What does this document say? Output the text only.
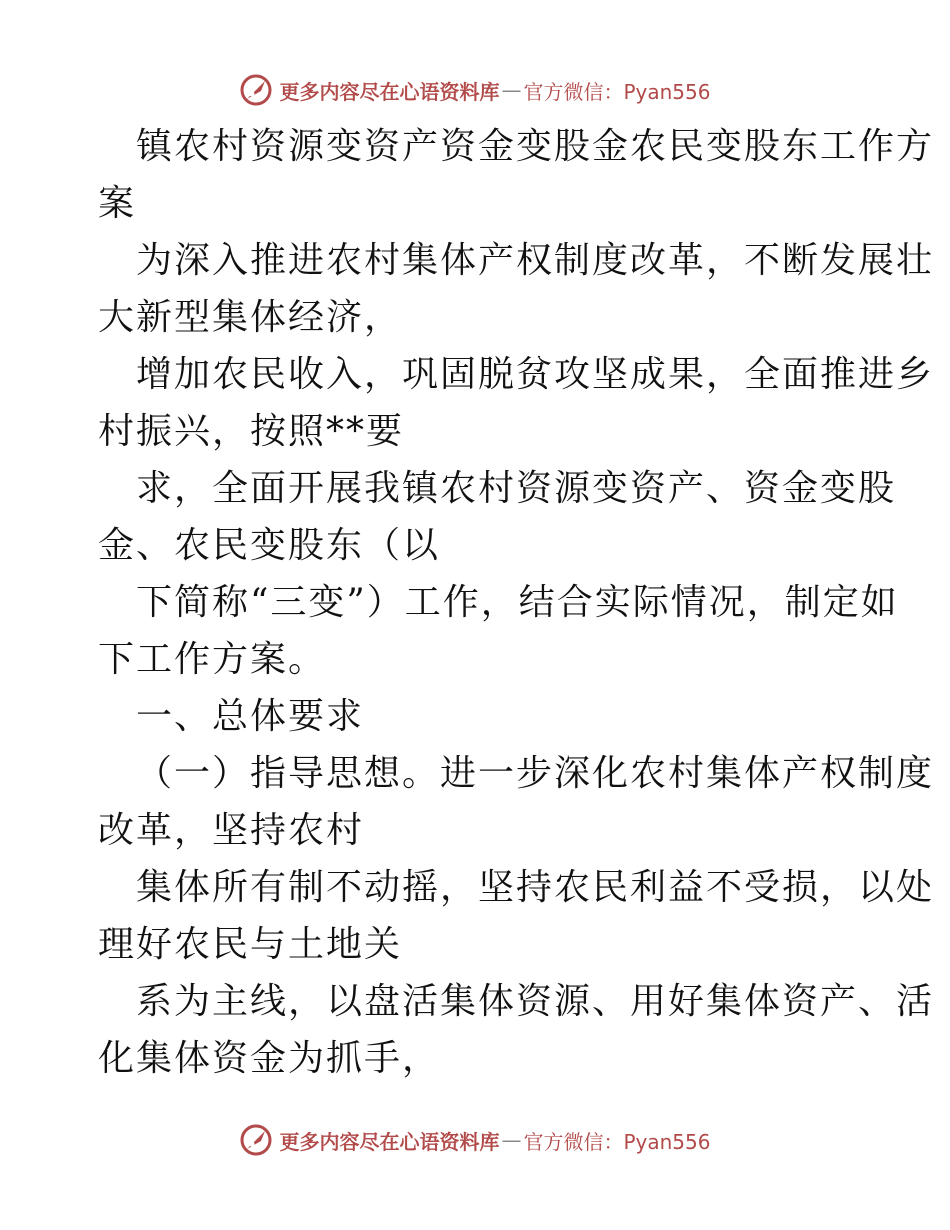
更多内容尽在心语资料库 — 官方微信：Pyan556
镇农村资源变资产资金变股金农民变股东工作方
案
为深入推进农村集体产权制度改革，不断发展壮
大新型集体经济，
增加农民收入，巩固脱贫攻坚成果，全面推进乡
村振兴，按照**要
求，全面开展我镇农村资源变资产、资金变股
金、农民变股东（以
下简称“三变”）工作，结合实际情况，制定如
下工作方案。
一、总体要求
（一）指导思想。进一步深化农村集体产权制度
改革，坚持农村
集体所有制不动摇，坚持农民利益不受损，以处
理好农民与土地关
系为主线，以盘活集体资源、用好集体资产、活
化集体资金为抓手，
更多内容尽在心语资料库 — 官方微信：Pyan556
